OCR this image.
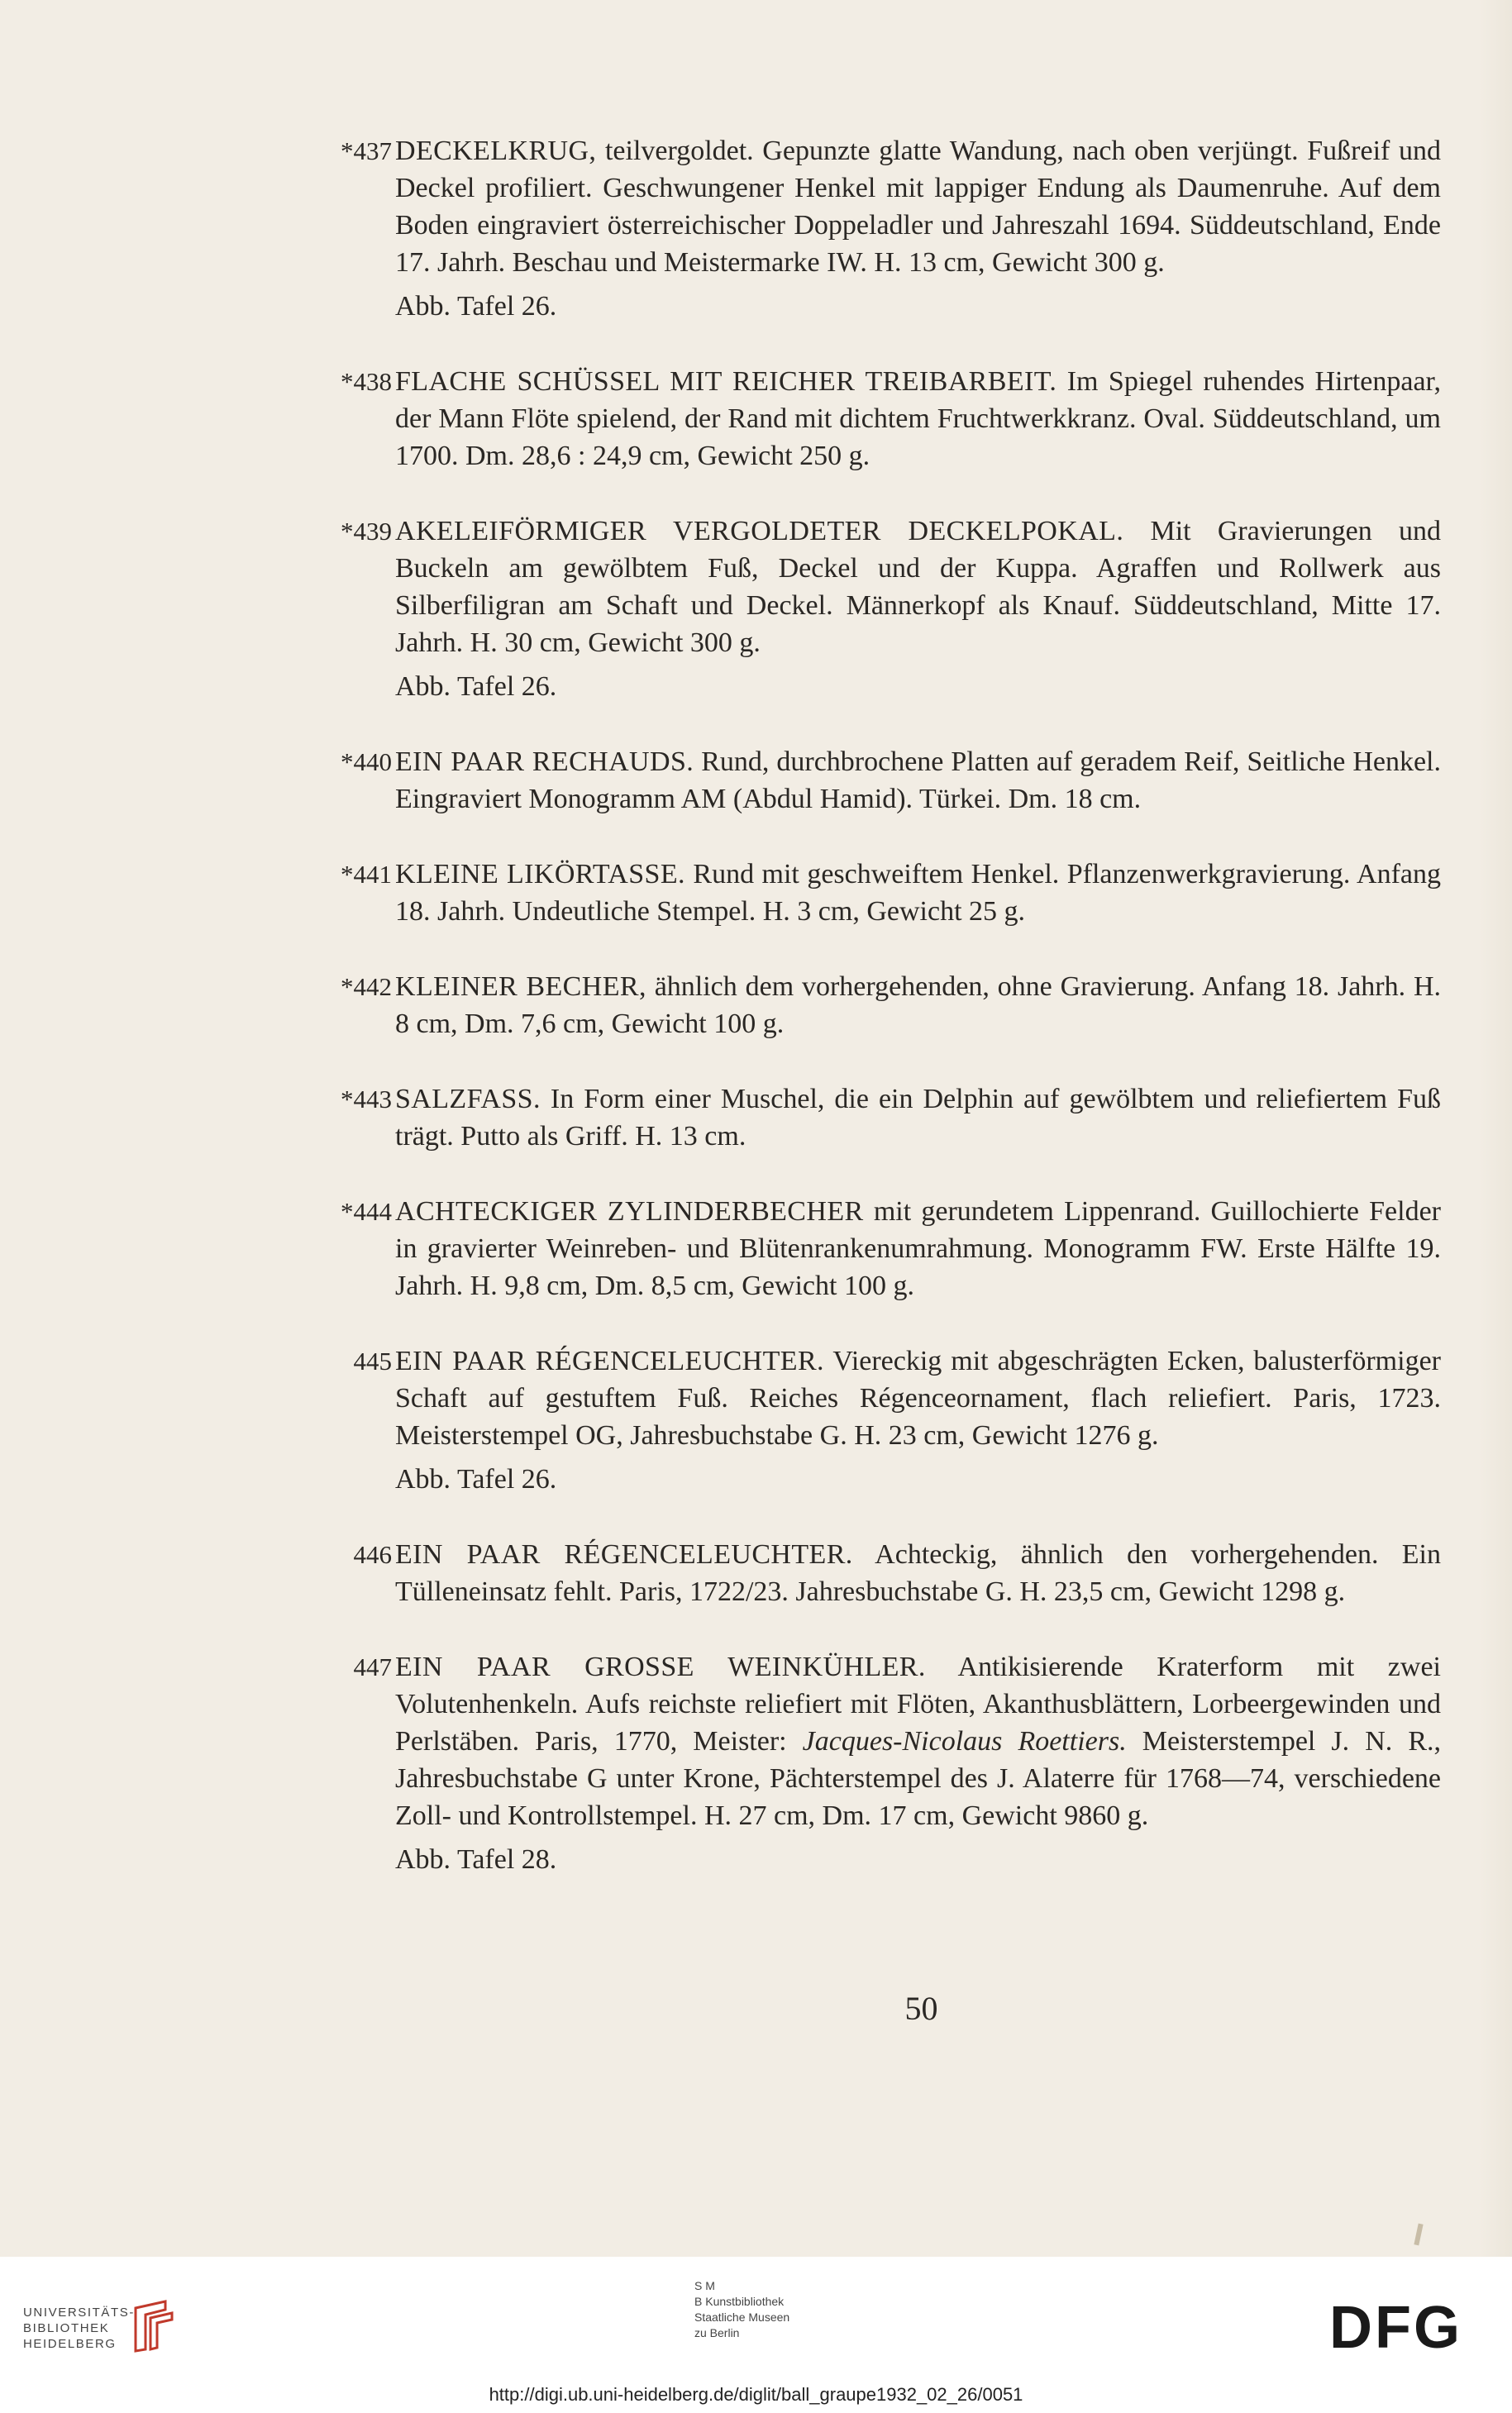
*437 DECKELKRUG, teilvergoldet. Gepunzte glatte Wandung, nach oben verjüngt. Fußreif und Deckel profiliert. Geschwungener Henkel mit lappiger Endung als Daumenruhe. Auf dem Boden eingraviert österreichischer Doppeladler und Jahreszahl 1694. Süddeutschland, Ende 17. Jahrh. Beschau und Meistermarke IW. H. 13 cm, Gewicht 300 g.
Abb. Tafel 26.
*438 FLACHE SCHÜSSEL MIT REICHER TREIBARBEIT. Im Spiegel ruhendes Hirtenpaar, der Mann Flöte spielend, der Rand mit dichtem Fruchtwerkkranz. Oval. Süddeutschland, um 1700. Dm. 28,6 : 24,9 cm, Gewicht 250 g.
*439 AKELEIFÖRMIGER VERGOLDETER DECKELPOKAL. Mit Gravierungen und Buckeln am gewölbtem Fuß, Deckel und der Kuppa. Agraffen und Rollwerk aus Silberfiligran am Schaft und Deckel. Männerkopf als Knauf. Süddeutschland, Mitte 17. Jahrh. H. 30 cm, Gewicht 300 g.
Abb. Tafel 26.
*440 EIN PAAR RECHAUDS. Rund, durchbrochene Platten auf geradem Reif, Seitliche Henkel. Eingraviert Monogramm AM (Abdul Hamid). Türkei. Dm. 18 cm.
*441 KLEINE LIKÖRTASSE. Rund mit geschweiftem Henkel. Pflanzenwerkgravierung. Anfang 18. Jahrh. Undeutliche Stempel. H. 3 cm, Gewicht 25 g.
*442 KLEINER BECHER, ähnlich dem vorhergehenden, ohne Gravierung. Anfang 18. Jahrh. H. 8 cm, Dm. 7,6 cm, Gewicht 100 g.
*443 SALZFASS. In Form einer Muschel, die ein Delphin auf gewölbtem und reliefiertem Fuß trägt. Putto als Griff. H. 13 cm.
*444 ACHTECKIGER ZYLINDERBECHER mit gerundetem Lippenrand. Guillochierte Felder in gravierter Weinreben- und Blütenrankenumrahmung. Monogramm FW. Erste Hälfte 19. Jahrh. H. 9,8 cm, Dm. 8,5 cm, Gewicht 100 g.
445 EIN PAAR RÉGENCELEUCHTER. Viereckig mit abgeschrägten Ecken, balusterförmiger Schaft auf gestuftem Fuß. Reiches Régenceornament, flach reliefiert. Paris, 1723. Meisterstempel OG, Jahresbuchstabe G. H. 23 cm, Gewicht 1276 g.
Abb. Tafel 26.
446 EIN PAAR RÉGENCELEUCHTER. Achteckig, ähnlich den vorhergehenden. Ein Tülleneinsatz fehlt. Paris, 1722/23. Jahresbuchstabe G. H. 23,5 cm, Gewicht 1298 g.
447 EIN PAAR GROSSE WEINKÜHLER. Antikisierende Kraterform mit zwei Volutenhenkeln. Aufs reichste reliefiert mit Flöten, Akanthusblättern, Lorbeergewinden und Perlstäben. Paris, 1770, Meister: Jacques-Nicolaus Roettiers. Meisterstempel J. N. R., Jahresbuchstabe G unter Krone, Pächterstempel des J. Alaterre für 1768—74, verschiedene Zoll- und Kontrollstempel. H. 27 cm, Dm. 17 cm, Gewicht 9860 g.
Abb. Tafel 28.
50
UNIVERSITÄTS-
BIBLIOTHEK
HEIDELBERG
S M
B Kunstbibliothek
Staatliche Museen
zu Berlin	DFG
http://digi.ub.uni-heidelberg.de/diglit/ball_graupe1932_02_26/0051
